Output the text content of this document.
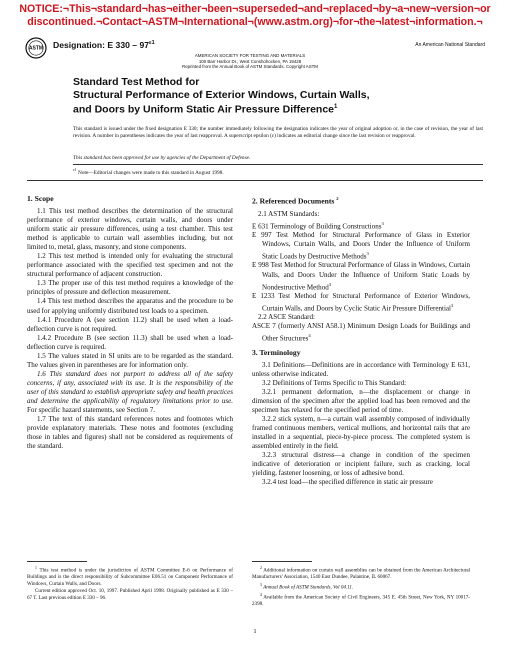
NOTICE:¬This¬standard¬has¬either¬been¬superseded¬and¬replaced¬by¬a¬new¬version¬or
discontinued.¬Contact¬ASTM¬International¬(www.astm.org)¬for¬the¬latest¬information.¬
ASTM Designation: E $330 - 97^{\varepsilon 1}$	An American National Standard
AMERICAN SOCIETY FOR TESTING AND MATERIALS
100 Barr Harbor Dr., West Conshohocken, PA 19428
Reprinted from the Annual Book of ASTM Standards. Copyright ASTM
Standard Test Method for
Structural Performance of Exterior Windows, Curtain Walls,
and Doors by Uniform Static Air Pressure Difference$^1$
This standard is issued under the fixed designation E 330; the number immediately following the designation indicates the year of original adoption or, in the case of revision, the year of last revision. A number in parentheses indicates the year of last reapproval. A superscript epsilon (ε) indicates an editorial change since the last revision or reapproval.
This standard has been approved for use by agencies of the Department of Defense.
$^{\varepsilon 1}$ Note—Editorial changes were made to this standard in August 1998.
1. Scope

1.1 This test method describes the determination of the structural performance of exterior windows, curtain walls, and doors under uniform static air pressure differences, using a test chamber. This test method is applicable to curtain wall assemblies including, but not limited to, metal, glass, masonry, and stone components.

1.2 This test method is intended only for evaluating the structural performance associated with the specified test specimen and not the structural performance of adjacent construction.

1.3 The proper use of this test method requires a knowledge of the principles of pressure and deflection measurement.

1.4 This test method describes the apparatus and the procedure to be used for applying uniformly distributed test loads to a specimen.

1.4.1 Procedure A (see section 11.2) shall be used when a load-deflection curve is not required.

1.4.2 Procedure B (see section 11.3) shall be used when a load-deflection curve is required.

1.5 The values stated in SI units are to be regarded as the standard. The values given in parentheses are for information only.

1.6 This standard does not purport to address all of the safety concerns, if any, associated with its use. It is the responsibility of the user of this standard to establish appropriate safety and health practices and determine the applicability of regulatory limitations prior to use. For specific hazard statements, see Section 7.

1.7 The text of this standard references notes and footnotes which provide explanatory materials. These notes and footnotes (excluding those in tables and figures) shall not be considered as requirements of the standard.

2. Referenced Documents $^2$

2.1 ASTM Standards:

E 631 Terminology of Building Constructions$^3$

E 997 Test Method for Structural Performance of Glass in Exterior Windows, Curtain Walls, and Doors Under the Influence of Uniform Static Loads by Destructive Methods$^3$

E 998 Test Method for Structural Performance of Glass in Windows, Curtain Walls, and Doors Under the Influence of Uniform Static Loads by Nondestructive Method$^3$

E 1233 Test Method for Structural Performance of Exterior Windows, Curtain Walls, and Doors by Cyclic Static Air Pressure Differential$^3$

2.2 ASCE Standard:

ASCE 7 (formerly ANSI A58.1) Minimum Design Loads for Buildings and Other Structures$^4$

3. Terminology

3.1 Definitions—Definitions are in accordance with Terminology E 631, unless otherwise indicated.

3.2 Definitions of Terms Specific to This Standard:

3.2.1 permanent deformation, n—the displacement or change in dimension of the specimen after the applied load has been removed and the specimen has relaxed for the specified period of time.

3.2.2 stick system, n—a curtain wall assembly composed of individually framed continuous members, vertical mullions, and horizontal rails that are installed in a sequential, piece-by-piece process. The completed system is assembled entirely in the field.

3.2.3 structural distress—a change in condition of the specimen indicative of deterioration or incipient failure, such as cracking, local yielding, fastener loosening, or loss of adhesive bond.

3.2.4 test load—the specified difference in static air pressure

$^1$ This test method is under the jurisdiction of ASTM Committee E-6 on Performance of Buildings and is the direct responsibility of Subcommittee E06.51 on Component Performance of Windows, Curtain Walls, and Doors.

Current edition approved Oct. 10, 1997. Published April 1998. Originally published as E 330 – 67 T. Last previous edition E 330 – 96.

$^2$ Additional information on curtain wall assemblies can be obtained from the American Architectural Manufacturers' Association, 1540 East Dundee, Palantine, IL 60067.

$^3$ Annual Book of ASTM Standards, Vol 04.11.

$^4$ Available from the American Society of Civil Engineers, 345 E. 45th Street, New York, NY 10017-2398.

1
